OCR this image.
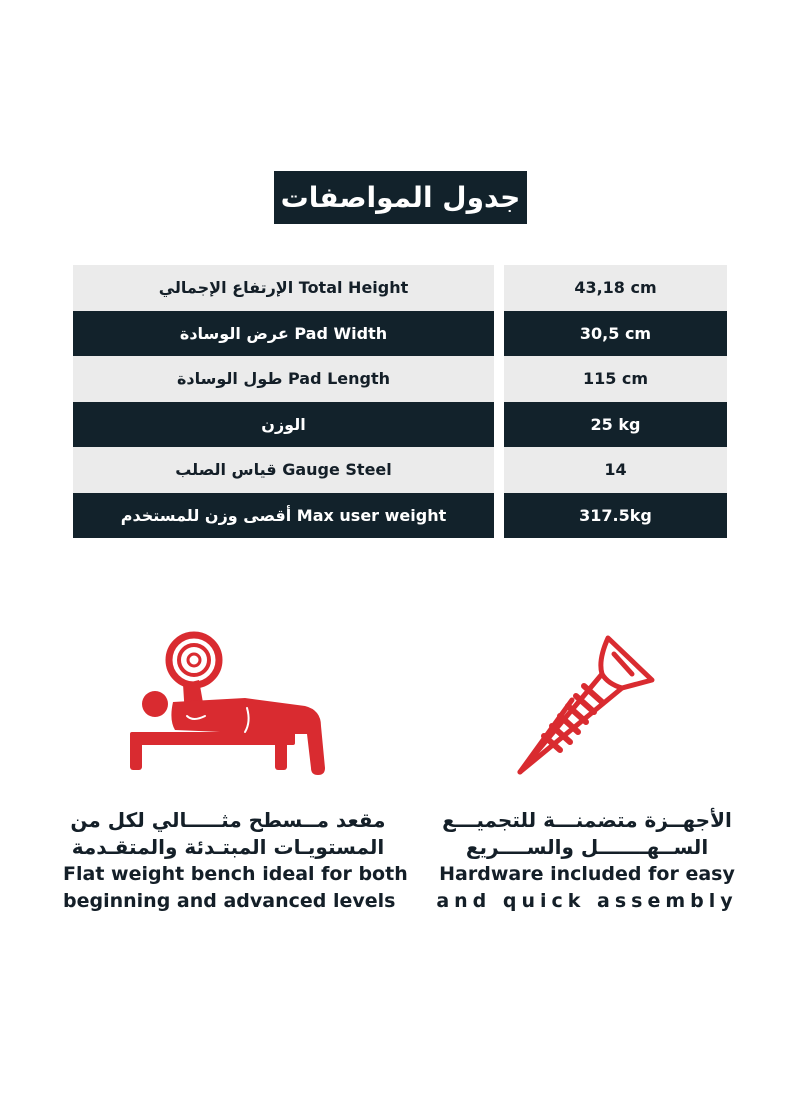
جدول المواصفات
الإرتفاع الإجمالي Total Height	43,18 cm
عرض الوسادة Pad Width	30,5 cm
طول الوسادة Pad Length	115 cm
الوزن	25 kg
قياس الصلب Gauge Steel	14
أقصى وزن للمستخدم Max user weight	317.5kg
مقعد مــسطح مثـــــالي لكل من
المستويـات المبتـدئة والمتقـدمة
Flat weight bench ideal for both
beginning and advanced levels
الأجهــزة متضمنـــة للتجميـــع
الســهـــــــل والســــريع
Hardware included for easy
and quick assembly
